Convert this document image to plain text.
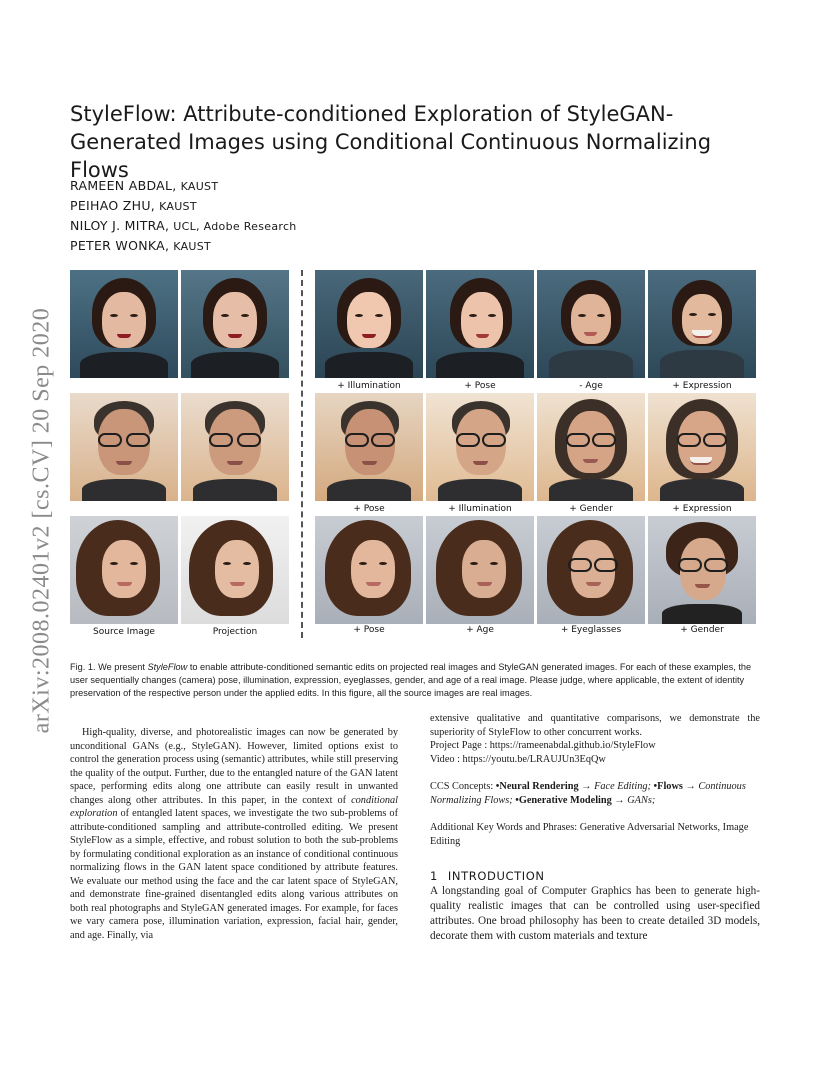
arXiv:2008.02401v2 [cs.CV] 20 Sep 2020
StyleFlow: Attribute-conditioned Exploration of StyleGAN-Generated Images using Conditional Continuous Normalizing Flows
RAMEEN ABDAL, KAUST
PEIHAO ZHU, KAUST
NILOY J. MITRA, UCL, Adobe Research
PETER WONKA, KAUST
+ Illumination	+ Pose	- Age	+ Expression
+ Pose	+ Illumination	+ Gender	+ Expression
Source Image	Projection	+ Pose	+ Age	+ Eyeglasses	+ Gender

Fig. 1. We present StyleFlow to enable attribute-conditioned semantic edits on projected real images and StyleGAN generated images. For each of these examples, the user sequentially changes (camera) pose, illumination, expression, eyeglasses, gender, and age of a real image. Please judge, where applicable, the extent of identity preservation of the respective person under the applied edits. In this figure, all the source images are real images.

High-quality, diverse, and photorealistic images can now be generated by unconditional GANs (e.g., StyleGAN). However, limited options exist to control the generation process using (semantic) attributes, while still preserving the quality of the output. Further, due to the entangled nature of the GAN latent space, performing edits along one attribute can easily result in unwanted changes along other attributes. In this paper, in the context of conditional exploration of entangled latent spaces, we investigate the two sub-problems of attribute-conditioned sampling and attribute-controlled editing. We present StyleFlow as a simple, effective, and robust solution to both the sub-problems by formulating conditional exploration as an instance of conditional continuous normalizing flows in the GAN latent space conditioned by attribute features. We evaluate our method using the face and the car latent space of StyleGAN, and demonstrate fine-grained disentangled edits along various attributes on both real photographs and StyleGAN generated images. For example, for faces we vary camera pose, illumination variation, expression, facial hair, gender, and age. Finally, via

extensive qualitative and quantitative comparisons, we demonstrate the superiority of StyleFlow to other concurrent works.

Project Page : https://rameenabdal.github.io/StyleFlow

Video : https://youtu.be/LRAUJUn3EqQw

CCS Concepts: •Neural Rendering → Face Editing; •Flows → Continuous Normalizing Flows; •Generative Modeling → GANs;

Additional Key Words and Phrases: Generative Adversarial Networks, Image Editing

1 INTRODUCTION

A longstanding goal of Computer Graphics has been to generate high-quality realistic images that can be controlled using user-specified attributes. One broad philosophy has been to create detailed 3D models, decorate them with custom materials and texture
